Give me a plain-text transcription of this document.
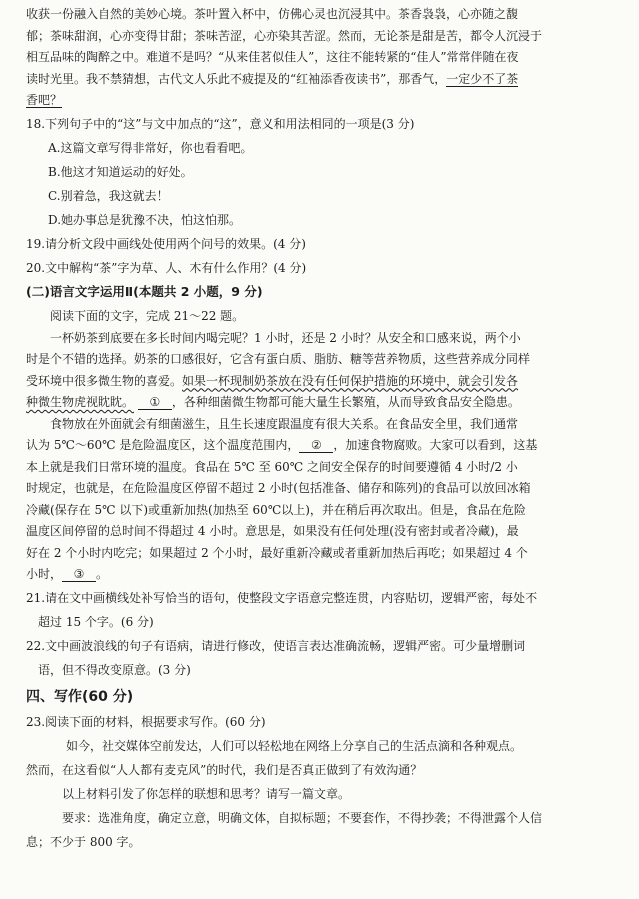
收获一份融入自然的美妙心境。茶叶置入杯中，仿佛心灵也沉浸其中。茶香袅袅，心亦随之馥

郁；茶味甜润，心亦变得甘甜；茶味苦涩，心亦染其苦涩。然而，无论茶是甜是苦，都令人沉浸于

相互品味的陶醉之中。难道不是吗？“从来佳茗似佳人”，这往不能转紧的“佳人”常常伴随在夜

读时光里。我不禁猜想，古代文人乐此不疲提及的“红袖添香夜读书”，那香气，一定少不了茶

香吧？

18.下列句子中的“这”与文中加点的“这”，意义和用法相同的一项是(3 分)

A.这篇文章写得非常好，你也看看吧。

B.他这才知道运动的好处。

C.别着急，我这就去！

D.她办事总是犹豫不决，怕这怕那。

19.请分析文段中画线处使用两个问号的效果。(4 分)

20.文中解构“茶”字为草、人、木有什么作用？(4 分)

(二)语言文字运用Ⅱ(本题共 2 小题，9 分)

阅读下面的文字，完成 21～22 题。

一杯奶茶到底要在多长时间内喝完呢？1 小时，还是 2 小时？从安全和口感来说，两个小

时是个不错的选择。奶茶的口感很好，它含有蛋白质、脂肪、糖等营养物质，这些营养成分同样

受环境中很多微生物的喜爱。如果一杯现制奶茶放在没有任何保护措施的环境中，就会引发各

种微生物虎视眈眈。 ① ，各种细菌微生物都可能大量生长繁殖，从而导致食品安全隐患。

食物放在外面就会有细菌滋生，且生长速度跟温度有很大关系。在食品安全里，我们通常

认为 5℃～60℃ 是危险温度区，这个温度范围内， ② ，加速食物腐败。大家可以看到，这基

本上就是我们日常环境的温度。食品在 5℃ 至 60℃ 之间安全保存的时间要遵循 4 小时/2 小

时规定，也就是，在危险温度区停留不超过 2 小时(包括准备、储存和陈列)的食品可以放回冰箱

冷藏(保存在 5℃ 以下)或重新加热(加热至 60℃以上)，并在稍后再次取出。但是，食品在危险

温度区间停留的总时间不得超过 4 小时。意思是，如果没有任何处理(没有密封或者冷藏)，最

好在 2 个小时内吃完；如果超过 2 个小时，最好重新冷藏或者重新加热后再吃；如果超过 4 个

小时， ③ 。

21.请在文中画横线处补写恰当的语句，使整段文字语意完整连贯，内容贴切，逻辑严密，每处不

超过 15 个字。(6 分)

22.文中画波浪线的句子有语病，请进行修改，使语言表达准确流畅，逻辑严密。可少量增删词

语，但不得改变原意。(3 分)

四、写作(60 分)

23.阅读下面的材料，根据要求写作。(60 分)

如今，社交媒体空前发达，人们可以轻松地在网络上分享自己的生活点滴和各种观点。

然而，在这看似“人人都有麦克风”的时代，我们是否真正做到了有效沟通？

以上材料引发了你怎样的联想和思考？请写一篇文章。

要求：选准角度，确定立意，明确文体，自拟标题；不要套作，不得抄袭；不得泄露个人信

息；不少于 800 字。
